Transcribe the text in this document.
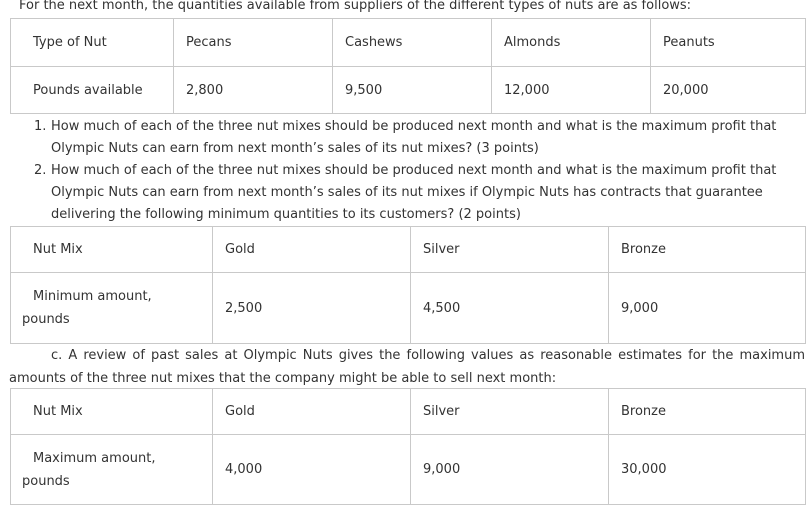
For the next month, the quantities available from suppliers of the different types of nuts are as follows:
Type of Nut	Pecans	Cashews	Almonds	Peanuts

Pounds available	2,800	9,500	12,000	20,000
1. How much of each of the three nut mixes should be produced next month and what is the maximum profit that Olympic Nuts can earn from next month’s sales of its nut mixes? (3 points)
2. How much of each of the three nut mixes should be produced next month and what is the maximum profit that Olympic Nuts can earn from next month’s sales of its nut mixes if Olympic Nuts has contracts that guarantee delivering the following minimum quantities to its customers? (2 points)
Nut Mix	Gold	Silver	Bronze

Minimum amount,
pounds	2,500	4,500	9,000
c. A review of past sales at Olympic Nuts gives the following values as reasonable estimates for the maximum amounts of the three nut mixes that the company might be able to sell next month:
Nut Mix	Gold	Silver	Bronze

Maximum amount,
pounds	4,000	9,000	30,000
